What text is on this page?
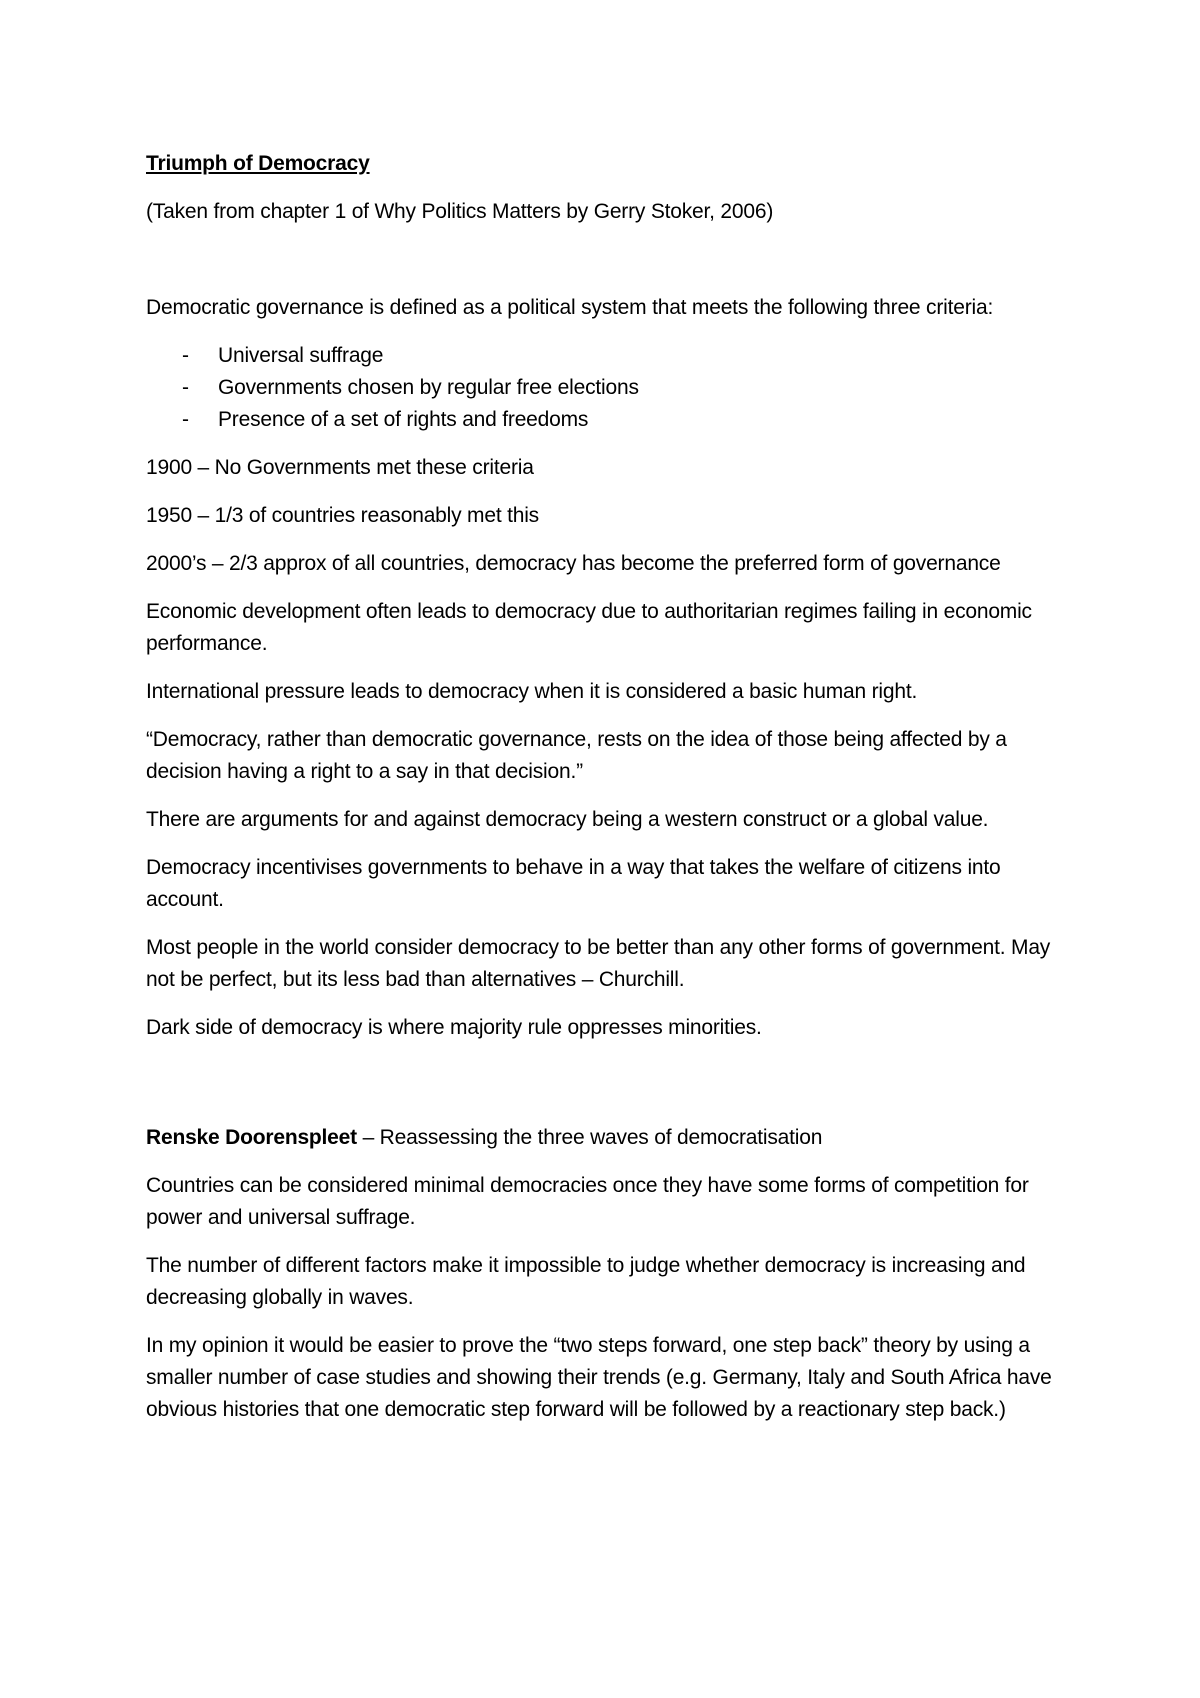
Triumph of Democracy

(Taken from chapter 1 of Why Politics Matters by Gerry Stoker, 2006)

Democratic governance is defined as a political system that meets the following three criteria:

- Universal suffrage
- Governments chosen by regular free elections
- Presence of a set of rights and freedoms

1900 – No Governments met these criteria

1950 – 1/3 of countries reasonably met this

2000’s – 2/3 approx of all countries, democracy has become the preferred form of governance

Economic development often leads to democracy due to authoritarian regimes failing in economic performance.

International pressure leads to democracy when it is considered a basic human right.

“Democracy, rather than democratic governance, rests on the idea of those being affected by a decision having a right to a say in that decision.”

There are arguments for and against democracy being a western construct or a global value.

Democracy incentivises governments to behave in a way that takes the welfare of citizens into account.

Most people in the world consider democracy to be better than any other forms of government. May not be perfect, but its less bad than alternatives – Churchill.

Dark side of democracy is where majority rule oppresses minorities.

Renske Doorenspleet – Reassessing the three waves of democratisation

Countries can be considered minimal democracies once they have some forms of competition for power and universal suffrage.

The number of different factors make it impossible to judge whether democracy is increasing and decreasing globally in waves.

In my opinion it would be easier to prove the “two steps forward, one step back” theory by using a smaller number of case studies and showing their trends (e.g. Germany, Italy and South Africa have obvious histories that one democratic step forward will be followed by a reactionary step back.)
